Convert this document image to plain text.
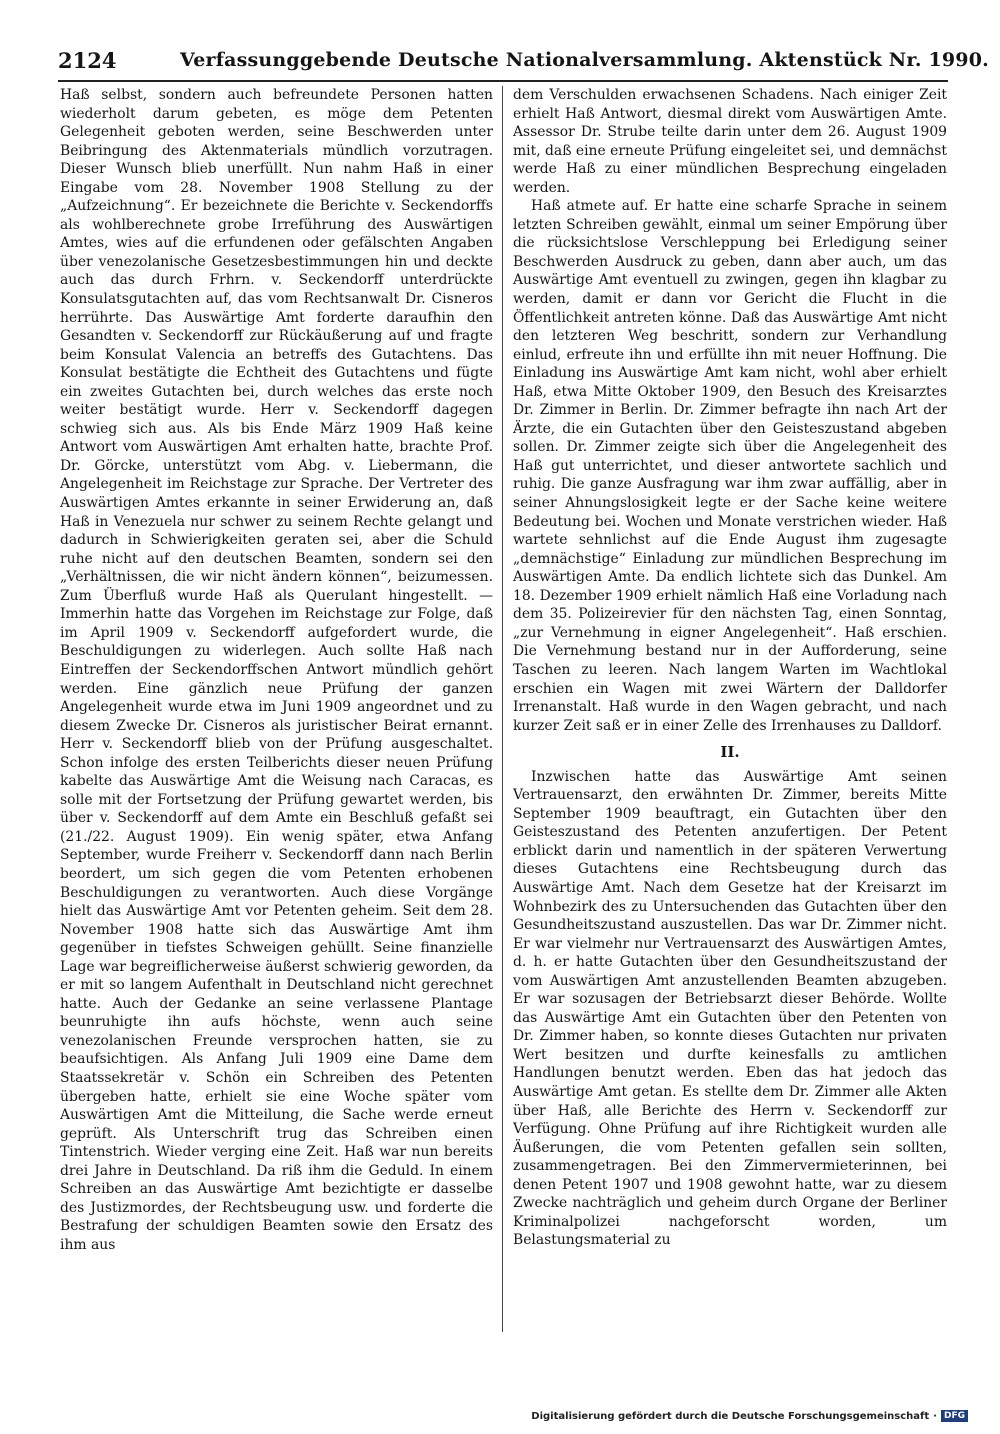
2124	Verfassunggebende Deutsche Nationalversammlung. Aktenstück Nr. 1990.

Haß selbst, sondern auch befreundete Personen hatten wiederholt darum gebeten, es möge dem Petenten Gelegenheit geboten werden, seine Beschwerden unter Beibringung des Aktenmaterials mündlich vorzutragen. Dieser Wunsch blieb unerfüllt. Nun nahm Haß in einer Eingabe vom 28. November 1908 Stellung zu der „Aufzeichnung“. Er bezeichnete die Berichte v. Seckendorffs als wohlberechnete grobe Irreführung des Auswärtigen Amtes, wies auf die erfundenen oder gefälschten Angaben über venezolanische Gesetzesbestimmungen hin und deckte auch das durch Frhrn. v. Seckendorff unterdrückte Konsulatsgutachten auf, das vom Rechtsanwalt Dr. Cisneros herrührte. Das Auswärtige Amt forderte daraufhin den Gesandten v. Seckendorff zur Rückäußerung auf und fragte beim Konsulat Valencia an betreffs des Gutachtens. Das Konsulat bestätigte die Echtheit des Gutachtens und fügte ein zweites Gutachten bei, durch welches das erste noch weiter bestätigt wurde. Herr v. Seckendorff dagegen schwieg sich aus. Als bis Ende März 1909 Haß keine Antwort vom Auswärtigen Amt erhalten hatte, brachte Prof. Dr. Görcke, unterstützt vom Abg. v. Liebermann, die Angelegenheit im Reichstage zur Sprache. Der Vertreter des Auswärtigen Amtes erkannte in seiner Erwiderung an, daß Haß in Venezuela nur schwer zu seinem Rechte gelangt und dadurch in Schwierigkeiten geraten sei, aber die Schuld ruhe nicht auf den deutschen Beamten, sondern sei den „Verhältnissen, die wir nicht ändern können“, beizumessen. Zum Überfluß wurde Haß als Querulant hingestellt. — Immerhin hatte das Vorgehen im Reichstage zur Folge, daß im April 1909 v. Seckendorff aufgefordert wurde, die Beschuldigungen zu widerlegen. Auch sollte Haß nach Eintreffen der Seckendorffschen Antwort mündlich gehört werden. Eine gänzlich neue Prüfung der ganzen Angelegenheit wurde etwa im Juni 1909 angeordnet und zu diesem Zwecke Dr. Cisneros als juristischer Beirat ernannt. Herr v. Seckendorff blieb von der Prüfung ausgeschaltet. Schon infolge des ersten Teilberichts dieser neuen Prüfung kabelte das Auswärtige Amt die Weisung nach Caracas, es solle mit der Fortsetzung der Prüfung gewartet werden, bis über v. Seckendorff auf dem Amte ein Beschluß gefaßt sei (21./22. August 1909). Ein wenig später, etwa Anfang September, wurde Freiherr v. Seckendorff dann nach Berlin beordert, um sich gegen die vom Petenten erhobenen Beschuldigungen zu verantworten. Auch diese Vorgänge hielt das Auswärtige Amt vor Petenten geheim. Seit dem 28. November 1908 hatte sich das Auswärtige Amt ihm gegenüber in tiefstes Schweigen gehüllt. Seine finanzielle Lage war begreiflicherweise äußerst schwierig geworden, da er mit so langem Aufenthalt in Deutschland nicht gerechnet hatte. Auch der Gedanke an seine verlassene Plantage beunruhigte ihn aufs höchste, wenn auch seine venezolanischen Freunde versprochen hatten, sie zu beaufsichtigen. Als Anfang Juli 1909 eine Dame dem Staatssekretär v. Schön ein Schreiben des Petenten übergeben hatte, erhielt sie eine Woche später vom Auswärtigen Amt die Mitteilung, die Sache werde erneut geprüft. Als Unterschrift trug das Schreiben einen Tintenstrich. Wieder verging eine Zeit. Haß war nun bereits drei Jahre in Deutschland. Da riß ihm die Geduld. In einem Schreiben an das Auswärtige Amt bezichtigte er dasselbe des Justizmordes, der Rechtsbeugung usw. und forderte die Bestrafung der schuldigen Beamten sowie den Ersatz des ihm aus

dem Verschulden erwachsenen Schadens. Nach einiger Zeit erhielt Haß Antwort, diesmal direkt vom Auswärtigen Amte. Assessor Dr. Strube teilte darin unter dem 26. August 1909 mit, daß eine erneute Prüfung eingeleitet sei, und demnächst werde Haß zu einer mündlichen Besprechung eingeladen werden.

Haß atmete auf. Er hatte eine scharfe Sprache in seinem letzten Schreiben gewählt, einmal um seiner Empörung über die rücksichtslose Verschleppung bei Erledigung seiner Beschwerden Ausdruck zu geben, dann aber auch, um das Auswärtige Amt eventuell zu zwingen, gegen ihn klagbar zu werden, damit er dann vor Gericht die Flucht in die Öffentlichkeit antreten könne. Daß das Auswärtige Amt nicht den letzteren Weg beschritt, sondern zur Verhandlung einlud, erfreute ihn und erfüllte ihn mit neuer Hoffnung. Die Einladung ins Auswärtige Amt kam nicht, wohl aber erhielt Haß, etwa Mitte Oktober 1909, den Besuch des Kreisarztes Dr. Zimmer in Berlin. Dr. Zimmer befragte ihn nach Art der Ärzte, die ein Gutachten über den Geisteszustand abgeben sollen. Dr. Zimmer zeigte sich über die Angelegenheit des Haß gut unterrichtet, und dieser antwortete sachlich und ruhig. Die ganze Ausfragung war ihm zwar auffällig, aber in seiner Ahnungslosigkeit legte er der Sache keine weitere Bedeutung bei. Wochen und Monate verstrichen wieder. Haß wartete sehnlichst auf die Ende August ihm zugesagte „demnächstige“ Einladung zur mündlichen Besprechung im Auswärtigen Amte. Da endlich lichtete sich das Dunkel. Am 18. Dezember 1909 erhielt nämlich Haß eine Vorladung nach dem 35. Polizeirevier für den nächsten Tag, einen Sonntag, „zur Vernehmung in eigner Angelegenheit“. Haß erschien. Die Vernehmung bestand nur in der Aufforderung, seine Taschen zu leeren. Nach langem Warten im Wachtlokal erschien ein Wagen mit zwei Wärtern der Dalldorfer Irrenanstalt. Haß wurde in den Wagen gebracht, und nach kurzer Zeit saß er in einer Zelle des Irrenhauses zu Dalldorf.

II.

Inzwischen hatte das Auswärtige Amt seinen Vertrauensarzt, den erwähnten Dr. Zimmer, bereits Mitte September 1909 beauftragt, ein Gutachten über den Geisteszustand des Petenten anzufertigen. Der Petent erblickt darin und namentlich in der späteren Verwertung dieses Gutachtens eine Rechtsbeugung durch das Auswärtige Amt. Nach dem Gesetze hat der Kreisarzt im Wohnbezirk des zu Untersuchenden das Gutachten über den Gesundheitszustand auszustellen. Das war Dr. Zimmer nicht. Er war vielmehr nur Vertrauensarzt des Auswärtigen Amtes, d. h. er hatte Gutachten über den Gesundheitszustand der vom Auswärtigen Amt anzustellenden Beamten abzugeben. Er war sozusagen der Betriebsarzt dieser Behörde. Wollte das Auswärtige Amt ein Gutachten über den Petenten von Dr. Zimmer haben, so konnte dieses Gutachten nur privaten Wert besitzen und durfte keinesfalls zu amtlichen Handlungen benutzt werden. Eben das hat jedoch das Auswärtige Amt getan. Es stellte dem Dr. Zimmer alle Akten über Haß, alle Berichte des Herrn v. Seckendorff zur Verfügung. Ohne Prüfung auf ihre Richtigkeit wurden alle Äußerungen, die vom Petenten gefallen sein sollten, zusammengetragen. Bei den Zimmervermieterinnen, bei denen Petent 1907 und 1908 gewohnt hatte, war zu diesem Zwecke nachträglich und geheim durch Organe der Berliner Kriminalpolizei nachgeforscht worden, um Belastungsmaterial zu

Digitalisierung gefördert durch die Deutsche Forschungsgemeinschaft · DFG
